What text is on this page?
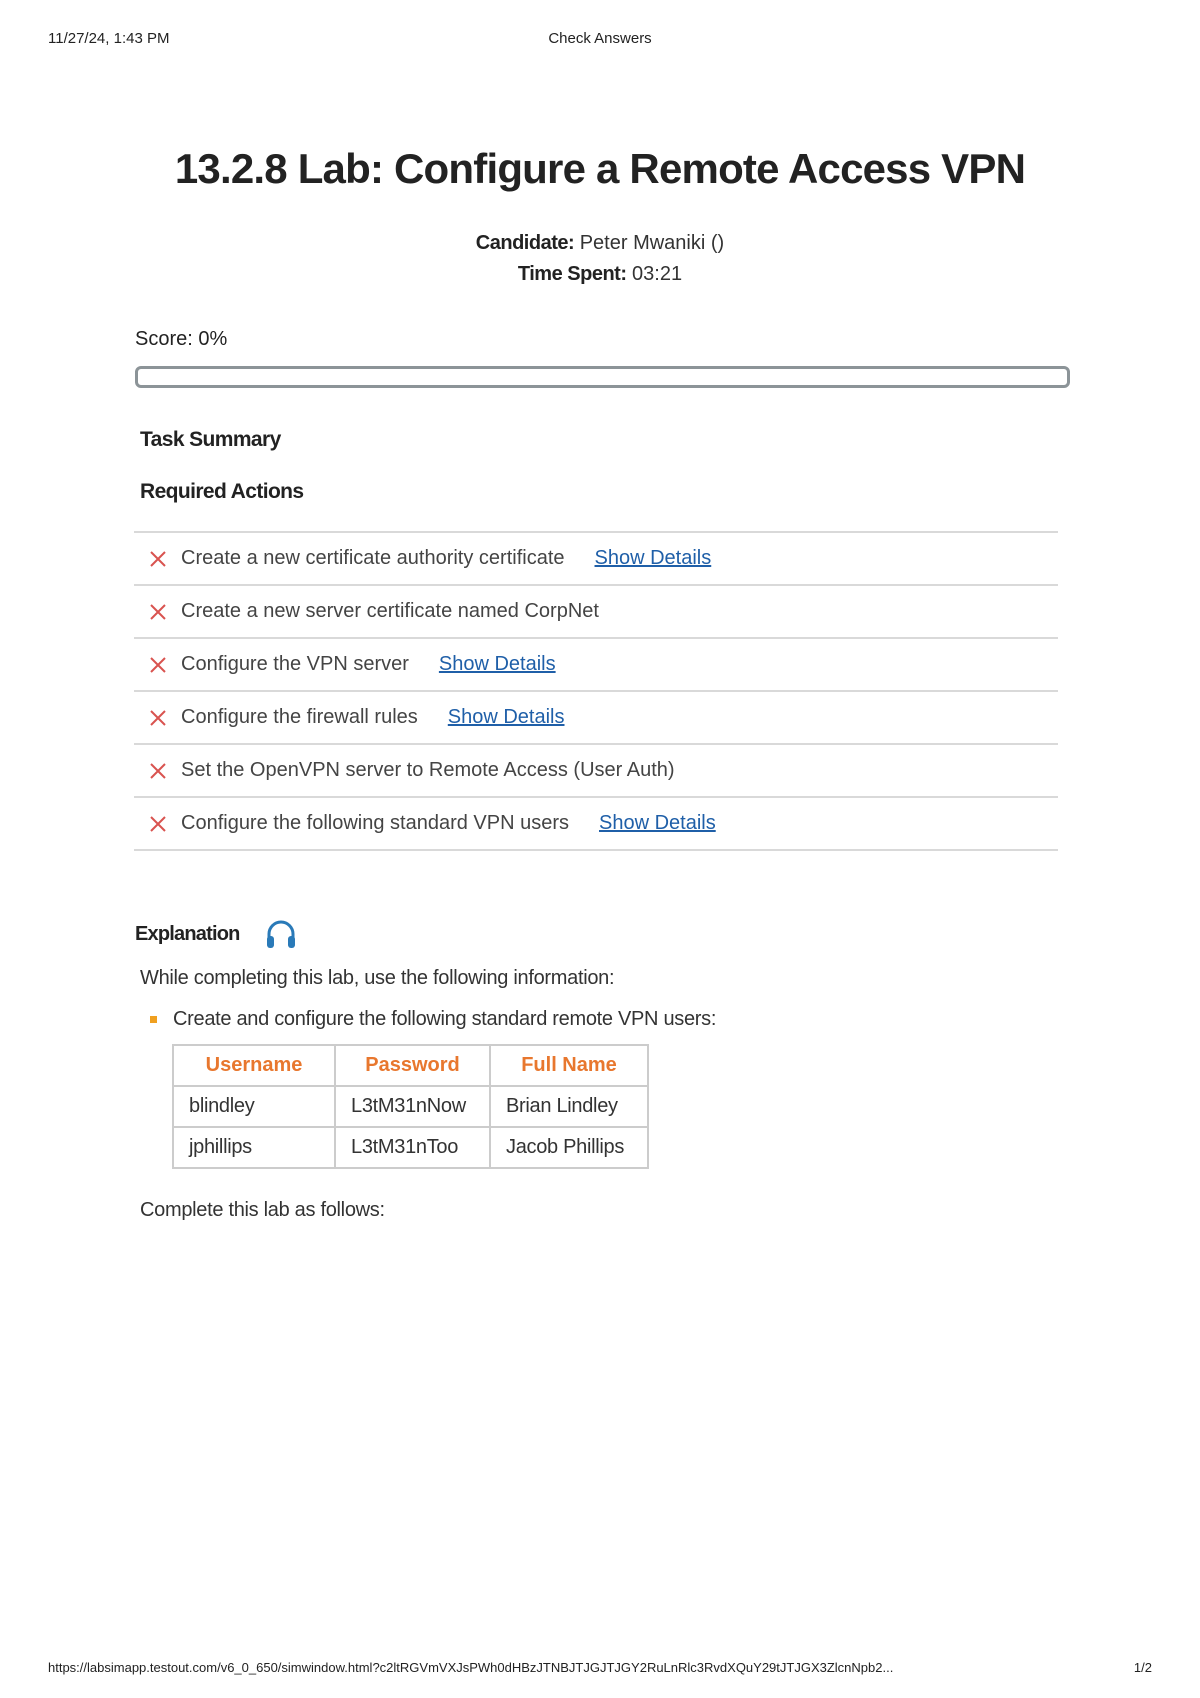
11/27/24, 1:43 PM	Check Answers
13.2.8 Lab: Configure a Remote Access VPN
Candidate: Peter Mwaniki ()
Time Spent: 03:21
Score: 0%
Task Summary
Required Actions
Create a new certificate authority certificate Show Details
Create a new server certificate named CorpNet
Configure the VPN server Show Details
Configure the firewall rules Show Details
Set the OpenVPN server to Remote Access (User Auth)
Configure the following standard VPN users Show Details
Explanation
While completing this lab, use the following information:
Create and configure the following standard remote VPN users:
Username	Password	Full Name
blindley	L3tM31nNow	Brian Lindley
jphillips	L3tM31nToo	Jacob Phillips
Complete this lab as follows:
https://labsimapp.testout.com/v6_0_650/simwindow.html?c2ltRGVmVXJsPWh0dHBzJTNBJTJGJTJGY2RuLnRlc3RvdXQuY29tJTJGX3ZlcnNpb2...	1/2
